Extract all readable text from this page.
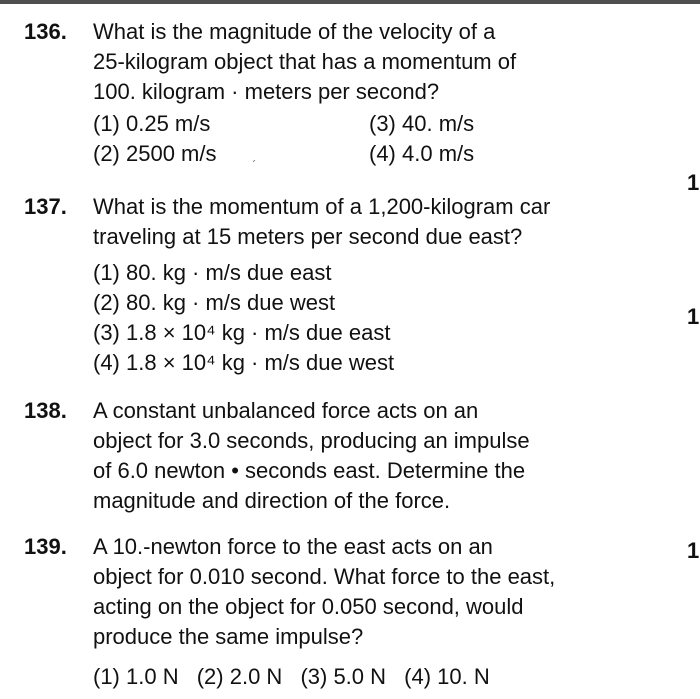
136.	What is the magnitude of the velocity of a
25-kilogram object that has a momentum of
100. kilogram · meters per second?
(1) 0.25 m/s	(3) 40. m/s
(2) 2500 m/s	(4) 4.0 m/s
ˊ
137.	What is the momentum of a 1,200-kilogram car
traveling at 15 meters per second due east?
(1) 80. kg · m/s due east
(2) 80. kg · m/s due west
(3) 1.8 × 10⁴ kg · m/s due east
(4) 1.8 × 10⁴ kg · m/s due west
138.	A constant unbalanced force acts on an
object for 3.0 seconds, producing an impulse
of 6.0 newton • seconds east. Determine the
magnitude and direction of the force.
139.	A 10.-newton force to the east acts on an
object for 0.010 second. What force to the east,
acting on the object for 0.050 second, would
produce the same impulse?
(1) 1.0 N (2) 2.0 N (3) 5.0 N (4) 10. N
1
1
1
